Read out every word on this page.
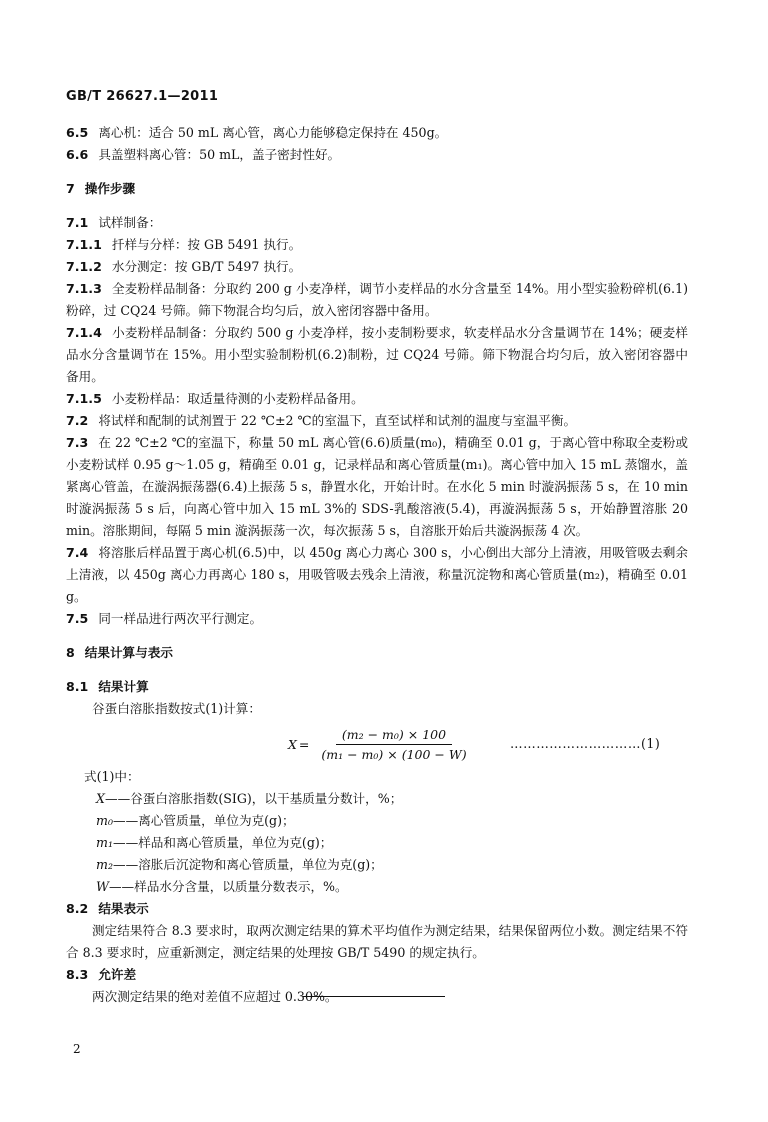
GB/T 26627.1—2011

6.5 离心机：适合 50 mL 离心管，离心力能够稳定保持在 450g。

6.6 具盖塑料离心管：50 mL，盖子密封性好。

7 操作步骤

7.1 试样制备：

7.1.1 扦样与分样：按 GB 5491 执行。

7.1.2 水分测定：按 GB/T 5497 执行。

7.1.3 全麦粉样品制备：分取约 200 g 小麦净样，调节小麦样品的水分含量至 14%。用小型实验粉碎机(6.1)粉碎，过 CQ24 号筛。筛下物混合均匀后，放入密闭容器中备用。

7.1.4 小麦粉样品制备：分取约 500 g 小麦净样，按小麦制粉要求，软麦样品水分含量调节在 14%；硬麦样品水分含量调节在 15%。用小型实验制粉机(6.2)制粉，过 CQ24 号筛。筛下物混合均匀后，放入密闭容器中备用。

7.1.5 小麦粉样品：取适量待测的小麦粉样品备用。

7.2 将试样和配制的试剂置于 22 ℃±2 ℃的室温下，直至试样和试剂的温度与室温平衡。

7.3 在 22 ℃±2 ℃的室温下，称量 50 mL 离心管(6.6)质量(m₀)，精确至 0.01 g，于离心管中称取全麦粉或小麦粉试样 0.95 g～1.05 g，精确至 0.01 g，记录样品和离心管质量(m₁)。离心管中加入 15 mL 蒸馏水，盖紧离心管盖，在漩涡振荡器(6.4)上振荡 5 s，静置水化，开始计时。在水化 5 min 时漩涡振荡 5 s，在 10 min 时漩涡振荡 5 s 后，向离心管中加入 15 mL 3%的 SDS-乳酸溶液(5.4)，再漩涡振荡 5 s，开始静置溶胀 20 min。溶胀期间，每隔 5 min 漩涡振荡一次，每次振荡 5 s，自溶胀开始后共漩涡振荡 4 次。

7.4 将溶胀后样品置于离心机(6.5)中，以 450g 离心力离心 300 s，小心倒出大部分上清液，用吸管吸去剩余上清液，以 450g 离心力再离心 180 s，用吸管吸去残余上清液，称量沉淀物和离心管质量(m₂)，精确至 0.01 g。

7.5 同一样品进行两次平行测定。

8 结果计算与表示

8.1 结果计算

谷蛋白溶胀指数按式(1)计算：

$X = \frac{\text{(m₂ − m₀) × 100}}{\text{(m₁ − m₀) × (100 − W)}}$	…………………………(1)

式(1)中：

X——谷蛋白溶胀指数(SIG)，以干基质量分数计，%；

m₀——离心管质量，单位为克(g)；

m₁——样品和离心管质量，单位为克(g)；

m₂——溶胀后沉淀物和离心管质量，单位为克(g)；

W——样品水分含量，以质量分数表示，%。

8.2 结果表示

测定结果符合 8.3 要求时，取两次测定结果的算术平均值作为测定结果，结果保留两位小数。测定结果不符合 8.3 要求时，应重新测定，测定结果的处理按 GB/T 5490 的规定执行。

8.3 允许差

两次测定结果的绝对差值不应超过 0.30%。

2
